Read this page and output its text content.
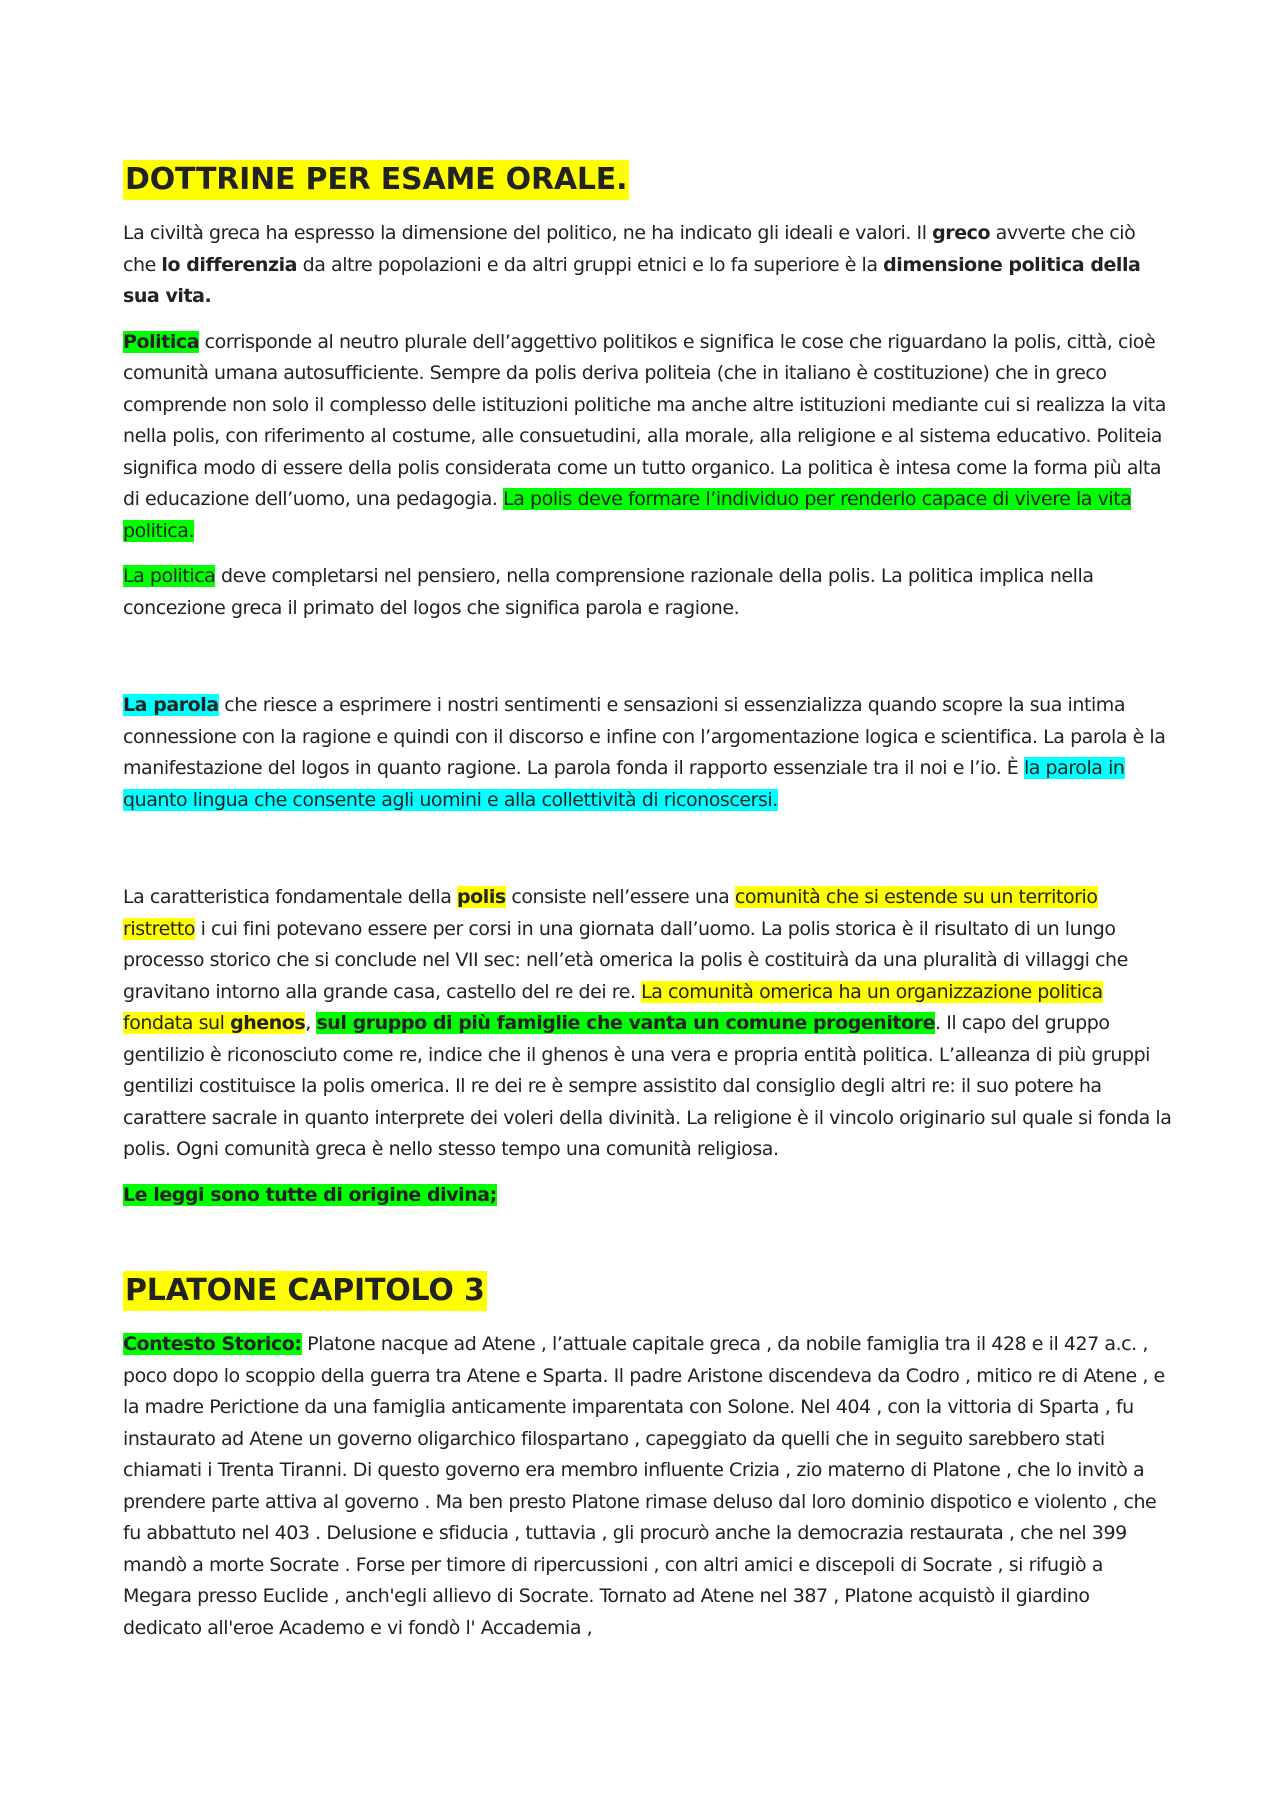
DOTTRINE PER ESAME ORALE.

La civiltà greca ha espresso la dimensione del politico, ne ha indicato gli ideali e valori. Il greco avverte che ciò che lo differenzia da altre popolazioni e da altri gruppi etnici e lo fa superiore è la dimensione politica della sua vita.

Politica corrisponde al neutro plurale dell’aggettivo politikos e significa le cose che riguardano la polis, città, cioè comunità umana autosufficiente. Sempre da polis deriva politeia (che in italiano è costituzione) che in greco comprende non solo il complesso delle istituzioni politiche ma anche altre istituzioni mediante cui si realizza la vita nella polis, con riferimento al costume, alle consuetudini, alla morale, alla religione e al sistema educativo. Politeia significa modo di essere della polis considerata come un tutto organico. La politica è intesa come la forma più alta di educazione dell’uomo, una pedagogia. La polis deve formare l’individuo per renderlo capace di vivere la vita politica.

La politica deve completarsi nel pensiero, nella comprensione razionale della polis. La politica implica nella concezione greca il primato del logos che significa parola e ragione.

La parola che riesce a esprimere i nostri sentimenti e sensazioni si essenzializza quando scopre la sua intima connessione con la ragione e quindi con il discorso e infine con l’argomentazione logica e scientifica. La parola è la manifestazione del logos in quanto ragione. La parola fonda il rapporto essenziale tra il noi e l’io. È la parola in quanto lingua che consente agli uomini e alla collettività di riconoscersi.

La caratteristica fondamentale della polis consiste nell’essere una comunità che si estende su un territorio ristretto i cui fini potevano essere per corsi in una giornata dall’uomo. La polis storica è il risultato di un lungo processo storico che si conclude nel VII sec: nell’età omerica la polis è costituirà da una pluralità di villaggi che gravitano intorno alla grande casa, castello del re dei re. La comunità omerica ha un organizzazione politica fondata sul ghenos, sul gruppo di più famiglie che vanta un comune progenitore. Il capo del gruppo gentilizio è riconosciuto come re, indice che il ghenos è una vera e propria entità politica. L’alleanza di più gruppi gentilizi costituisce la polis omerica. Il re dei re è sempre assistito dal consiglio degli altri re: il suo potere ha carattere sacrale in quanto interprete dei voleri della divinità. La religione è il vincolo originario sul quale si fonda la polis. Ogni comunità greca è nello stesso tempo una comunità religiosa.

Le leggi sono tutte di origine divina;

PLATONE CAPITOLO 3

Contesto Storico: Platone nacque ad Atene , l’attuale capitale greca , da nobile famiglia tra il 428 e il 427 a.c. , poco dopo lo scoppio della guerra tra Atene e Sparta. Il padre Aristone discendeva da Codro , mitico re di Atene , e la madre Perictione da una famiglia anticamente imparentata con Solone. Nel 404 , con la vittoria di Sparta , fu instaurato ad Atene un governo oligarchico filospartano , capeggiato da quelli che in seguito sarebbero stati chiamati i Trenta Tiranni. Di questo governo era membro influente Crizia , zio materno di Platone , che lo invitò a prendere parte attiva al governo . Ma ben presto Platone rimase deluso dal loro dominio dispotico e violento , che fu abbattuto nel 403 . Delusione e sfiducia , tuttavia , gli procurò anche la democrazia restaurata , che nel 399 mandò a morte Socrate . Forse per timore di ripercussioni , con altri amici e discepoli di Socrate , si rifugiò a Megara presso Euclide , anch'egli allievo di Socrate. Tornato ad Atene nel 387 , Platone acquistò il giardino dedicato all'eroe Academo e vi fondò l' Accademia ,
